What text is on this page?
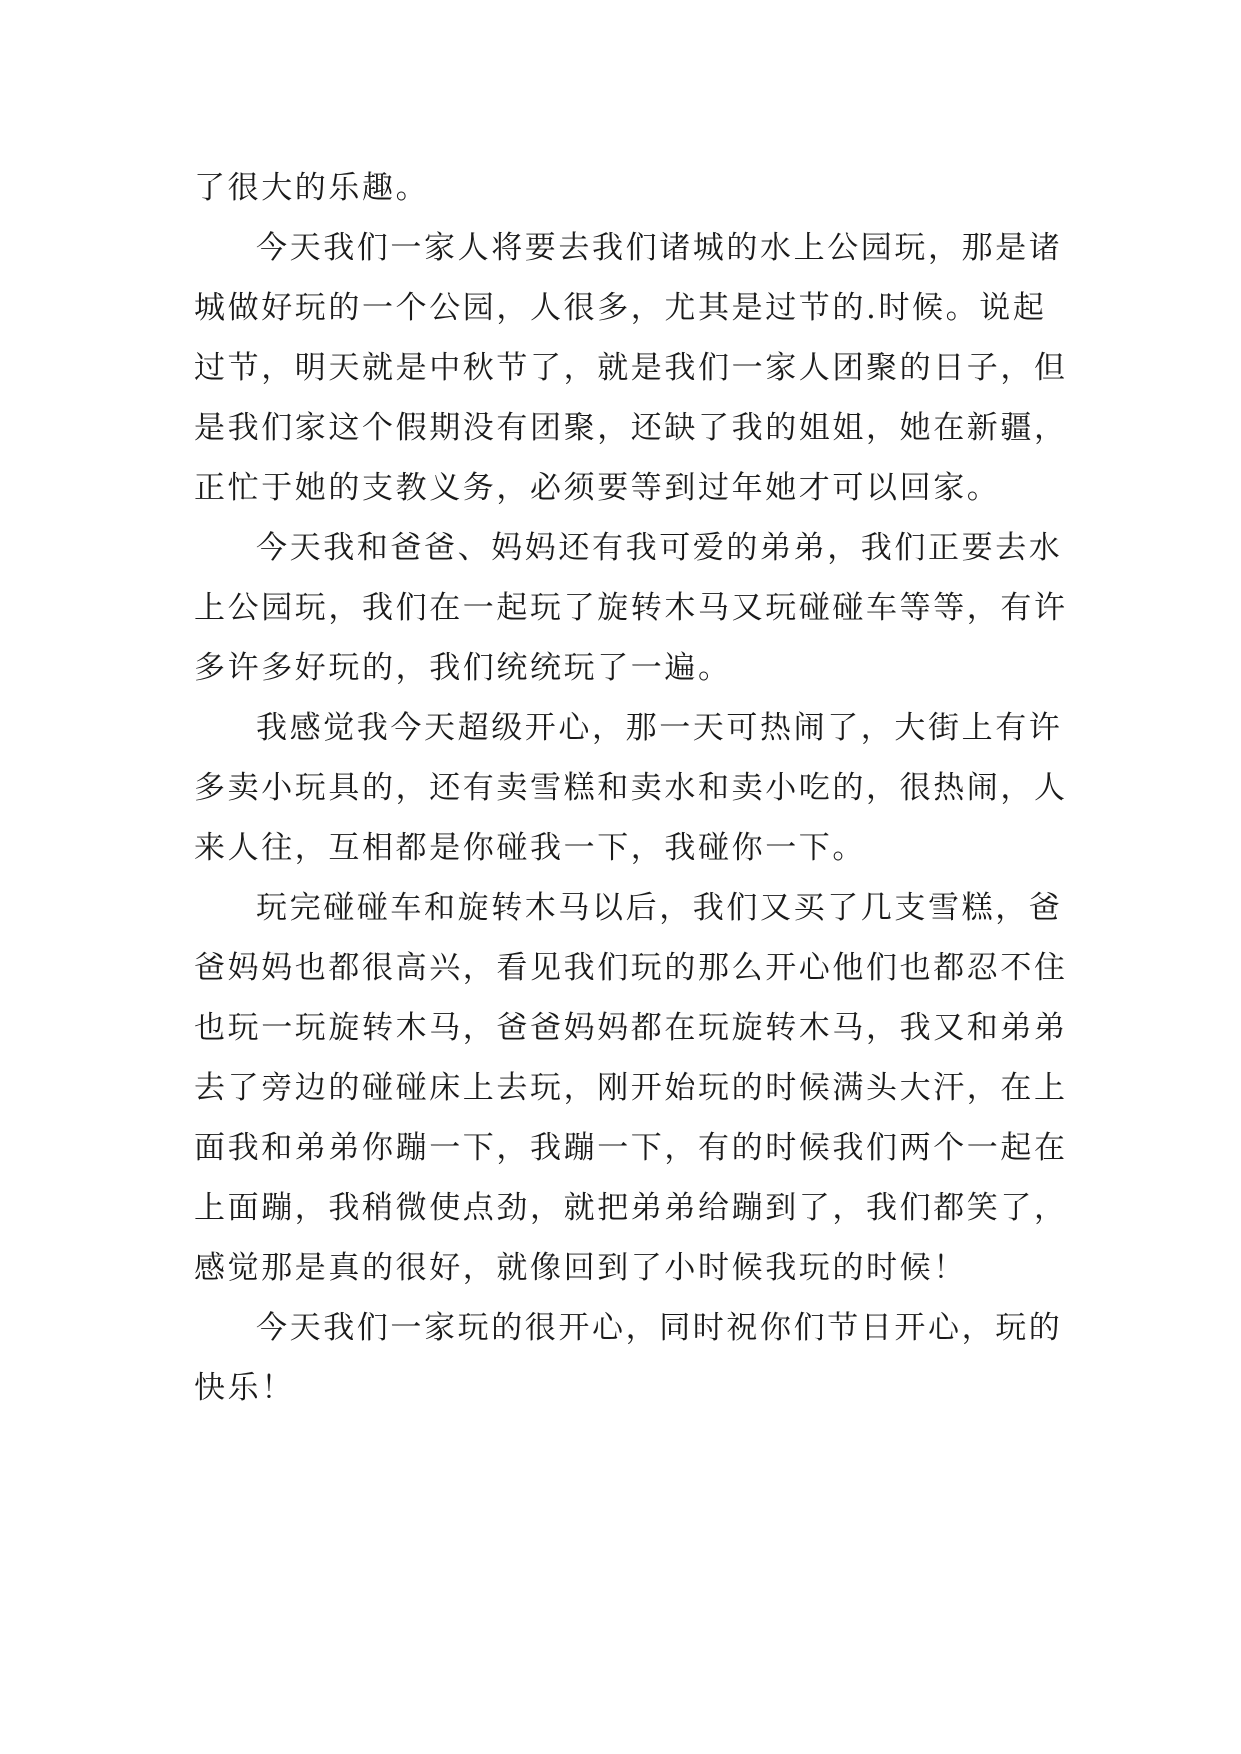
了很大的乐趣。
今天我们一家人将要去我们诸城的水上公园玩，那是诸
城做好玩的一个公园，人很多，尤其是过节的.时候。说起
过节，明天就是中秋节了，就是我们一家人团聚的日子，但
是我们家这个假期没有团聚，还缺了我的姐姐，她在新疆，
正忙于她的支教义务，必须要等到过年她才可以回家。
今天我和爸爸、妈妈还有我可爱的弟弟，我们正要去水
上公园玩，我们在一起玩了旋转木马又玩碰碰车等等，有许
多许多好玩的，我们统统玩了一遍。
我感觉我今天超级开心，那一天可热闹了，大街上有许
多卖小玩具的，还有卖雪糕和卖水和卖小吃的，很热闹，人
来人往，互相都是你碰我一下，我碰你一下。
玩完碰碰车和旋转木马以后，我们又买了几支雪糕，爸
爸妈妈也都很高兴，看见我们玩的那么开心他们也都忍不住
也玩一玩旋转木马，爸爸妈妈都在玩旋转木马，我又和弟弟
去了旁边的碰碰床上去玩，刚开始玩的时候满头大汗，在上
面我和弟弟你蹦一下，我蹦一下，有的时候我们两个一起在
上面蹦，我稍微使点劲，就把弟弟给蹦到了，我们都笑了，
感觉那是真的很好，就像回到了小时候我玩的时候！
今天我们一家玩的很开心，同时祝你们节日开心，玩的
快乐！
